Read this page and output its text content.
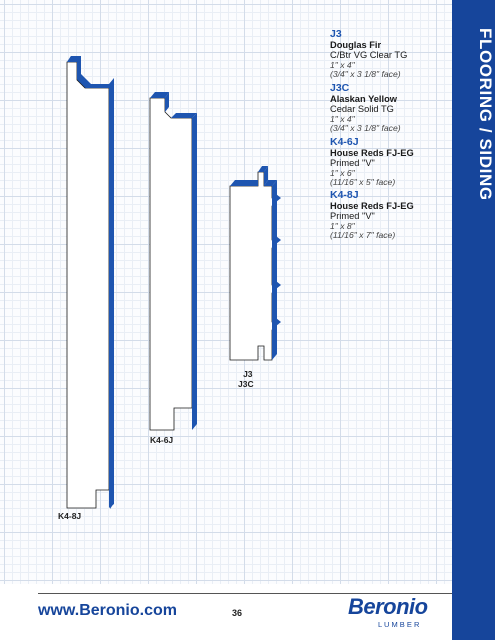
J3
J3C
K4-6J
K4-8J
J3
Douglas Fir
C/Btr VG Clear TG
1" x 4"
(3/4" x 3 1/8" face)
J3C
Alaskan Yellow
Cedar Solid TG
1" x 4"
(3/4" x 3 1/8" face)
K4-6J
House Reds FJ-EG
Primed "V"
1" x 6"
(11/16" x 5" face)
K4-8J
House Reds FJ-EG
Primed "V"
1" x 8"
(11/16" x 7" face)
FLOORING / SIDING
www.Beronio.com	36	Beronio
L U M B E R
